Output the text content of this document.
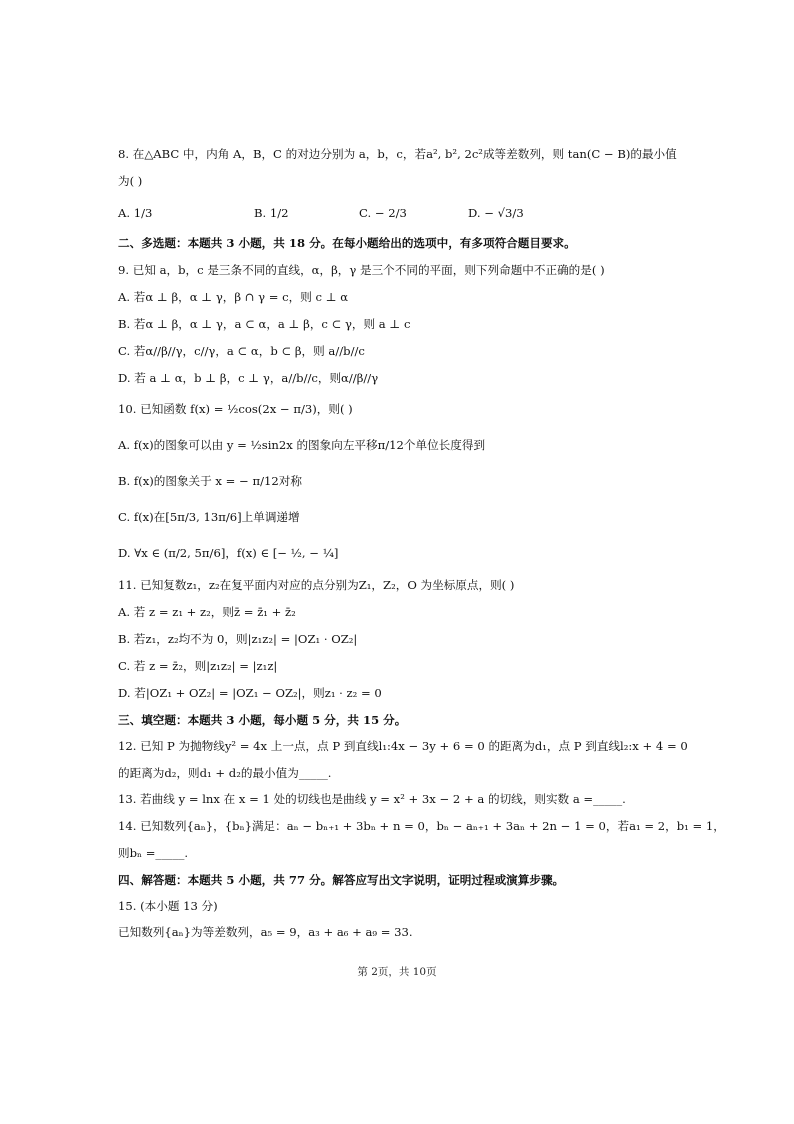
8. 在△ABC 中，内角 A，B，C 的对边分别为 a，b，c，若a², b², 2c²成等差数列，则 tan(C − B)的最小值
为( )
A. 1/3	B. 1/2	C. − 2/3	D. − √3/3
二、多选题：本题共 3 小题，共 18 分。在每小题给出的选项中，有多项符合题目要求。
9. 已知 a，b，c 是三条不同的直线，α，β，γ 是三个不同的平面，则下列命题中不正确的是( )
A. 若α ⊥ β，α ⊥ γ，β ∩ γ = c，则 c ⊥ α
B. 若α ⊥ β，α ⊥ γ，a ⊂ α，a ⊥ β，c ⊂ γ，则 a ⊥ c
C. 若α//β//γ，c//γ，a ⊂ α，b ⊂ β，则 a//b//c
D. 若 a ⊥ α，b ⊥ β，c ⊥ γ，a//b//c，则α//β//γ
10. 已知函数 f(x) = ½cos(2x − π/3)，则( )
A. f(x)的图象可以由 y = ½sin2x 的图象向左平移π/12个单位长度得到
B. f(x)的图象关于 x = − π/12对称
C. f(x)在[5π/3, 13π/6]上单调递增
D. ∀x ∈ (π/2, 5π/6]，f(x) ∈ [− ½, − ¼]
11. 已知复数z₁，z₂在复平面内对应的点分别为Z₁，Z₂，O 为坐标原点，则( )
A. 若 z = z₁ + z₂，则z̄ = z̄₁ + z̄₂
B. 若z₁，z₂均不为 0，则|z₁z₂| = |OZ₁ · OZ₂|
C. 若 z = z̄₂，则|z₁z₂| = |z₁z|
D. 若|OZ₁ + OZ₂| = |OZ₁ − OZ₂|，则z₁ · z₂ = 0
三、填空题：本题共 3 小题，每小题 5 分，共 15 分。
12. 已知 P 为抛物线y² = 4x 上一点，点 P 到直线l₁:4x − 3y + 6 = 0 的距离为d₁，点 P 到直线l₂:x + 4 = 0
的距离为d₂，则d₁ + d₂的最小值为_____.
13. 若曲线 y = lnx 在 x = 1 处的切线也是曲线 y = x² + 3x − 2 + a 的切线，则实数 a =_____.
14. 已知数列{aₙ}，{bₙ}满足：aₙ − bₙ₊₁ + 3bₙ + n = 0，bₙ − aₙ₊₁ + 3aₙ + 2n − 1 = 0，若a₁ = 2，b₁ = 1，
则bₙ =_____.
四、解答题：本题共 5 小题，共 77 分。解答应写出文字说明，证明过程或演算步骤。
15. (本小题 13 分)
已知数列{aₙ}为等差数列，a₅ = 9，a₃ + a₆ + a₉ = 33.
第 2页，共 10页
